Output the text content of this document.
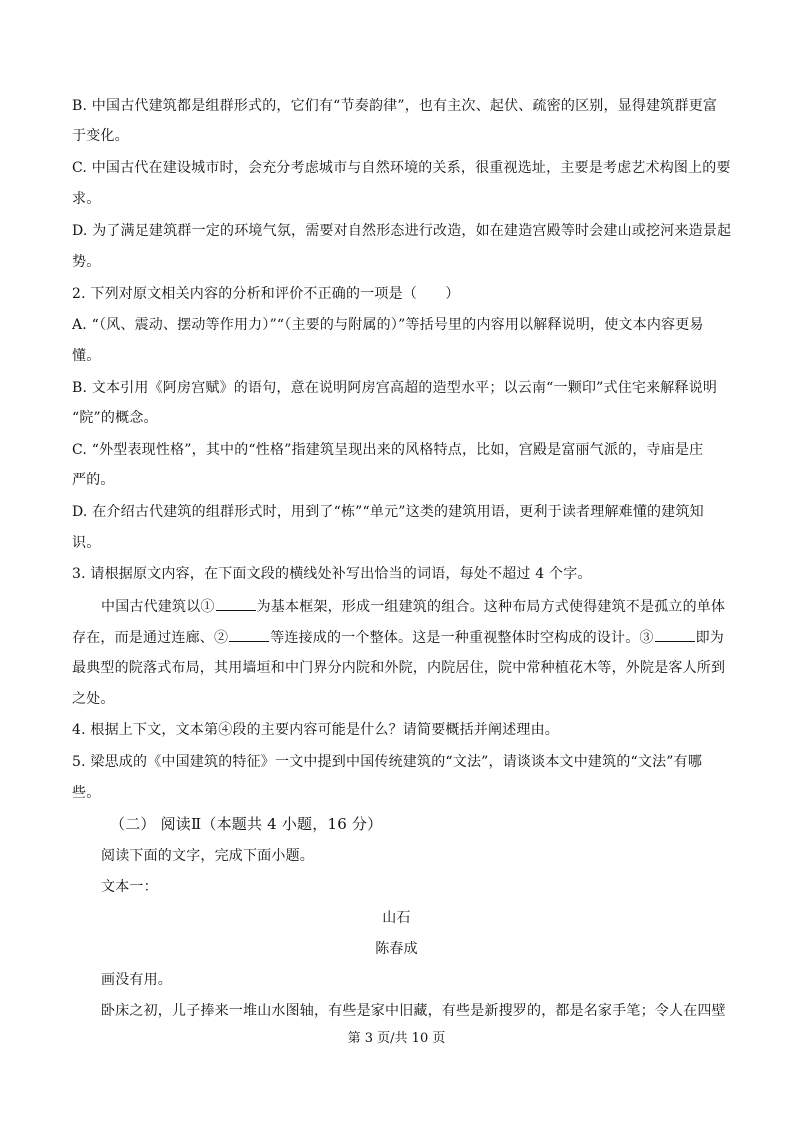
B. 中国古代建筑都是组群形式的，它们有“节奏韵律”，也有主次、起伏、疏密的区别，显得建筑群更富
于变化。
C. 中国古代在建设城市时，会充分考虑城市与自然环境的关系，很重视选址，主要是考虑艺术构图上的要
求。
D. 为了满足建筑群一定的环境气氛，需要对自然形态进行改造，如在建造宫殿等时会建山或挖河来造景起
势。
2. 下列对原文相关内容的分析和评价不正确的一项是（　　）
A. “（风、震动、摆动等作用力）”“（主要的与附属的）”等括号里的内容用以解释说明，使文本内容更易
懂。
B. 文本引用《阿房宫赋》的语句，意在说明阿房宫高超的造型水平；以云南“一颗印”式住宅来解释说明
“院”的概念。
C. “外型表现性格”，其中的“性格”指建筑呈现出来的风格特点，比如，宫殿是富丽气派的，寺庙是庄
严的。
D. 在介绍古代建筑的组群形式时，用到了“栋”“单元”这类的建筑用语，更利于读者理解难懂的建筑知
识。
3. 请根据原文内容，在下面文段的横线处补写出恰当的词语，每处不超过 4 个字。
中国古代建筑以①	为基本框架，形成一组建筑的组合。这种布局方式使得建筑不是孤立的单体
存在，而是通过连廊、②	等连接成的一个整体。这是一种重视整体时空构成的设计。③	即为
最典型的院落式布局，其用墙垣和中门界分内院和外院，内院居住，院中常种植花木等，外院是客人所到
之处。
4. 根据上下文，文本第④段的主要内容可能是什么？请简要概括并阐述理由。
5. 梁思成的《中国建筑的特征》一文中提到中国传统建筑的“文法”，请谈谈本文中建筑的“文法”有哪
些。
（二） 阅读Ⅱ（本题共 4 小题，16 分）
阅读下面的文字，完成下面小题。
文本一：
山石
陈春成
画没有用。
卧床之初，儿子捧来一堆山水图轴，有些是家中旧藏，有些是新搜罗的，都是名家手笔；令人在四壁
第 3 页/共 10 页
